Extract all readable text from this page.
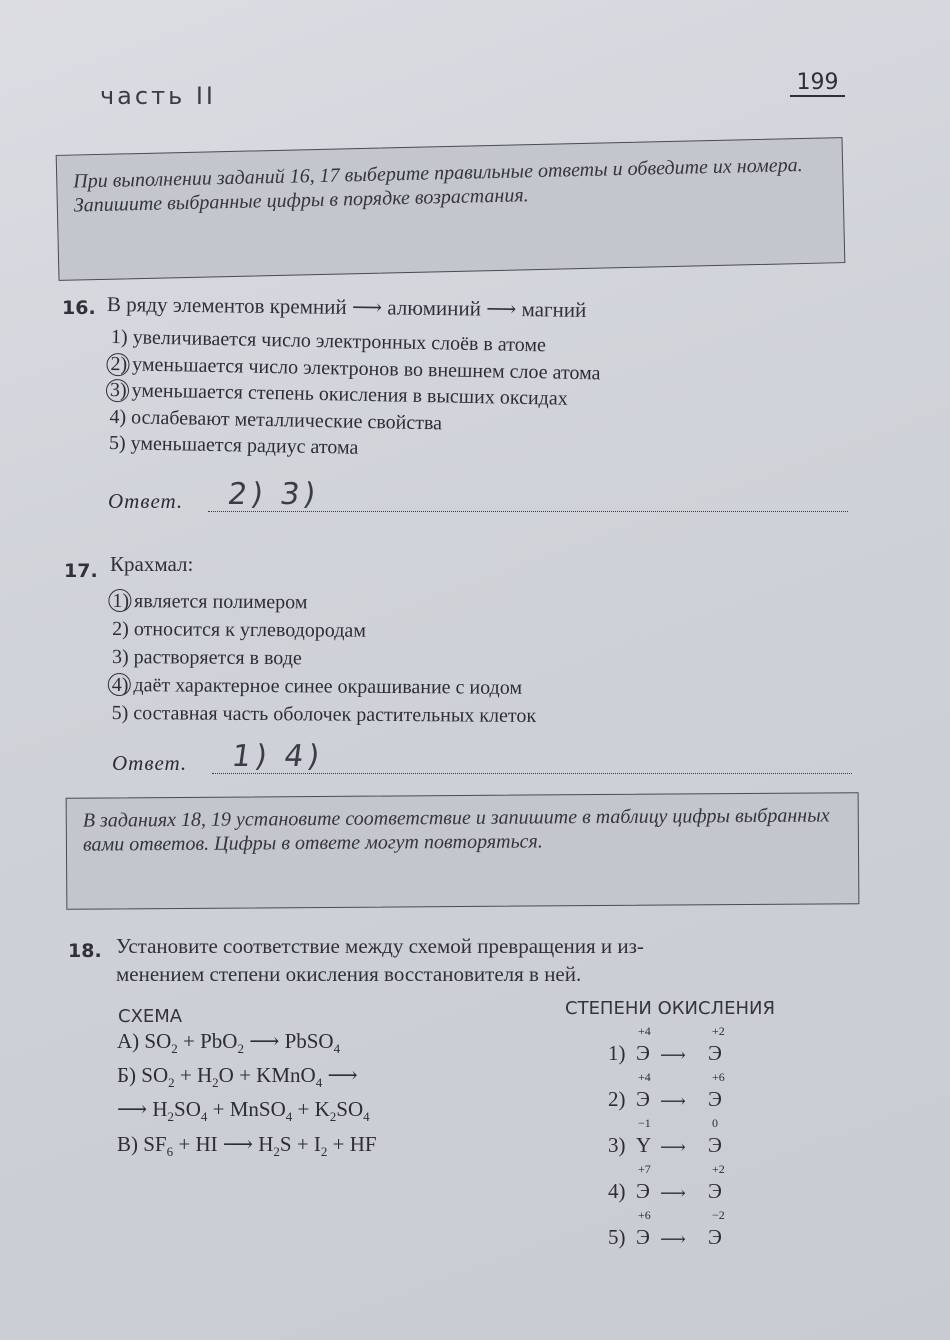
часть II	199
При выполнении заданий 16, 17 выберите правильные ответы и обведите их номера. Запишите выбранные цифры в порядке возрастания.
16. В ряду элементов кремний ⟶ алюминий ⟶ магний
1) увеличивается число электронных слоёв в атоме
2) уменьшается число электронов во внешнем слое атома
3) уменьшается степень окисления в высших оксидах
4) ослабевают металлические свойства
5) уменьшается радиус атома
Ответ. 2) 3)
17. Крахмал:
1) является полимером
2) относится к углеводородам
3) растворяется в воде
4) даёт характерное синее окрашивание с иодом
5) составная часть оболочек растительных клеток
Ответ. 1) 4)
В заданиях 18, 19 установите соответствие и запишите в таблицу цифры выбранных вами ответов. Цифры в ответе могут повторяться.
18. Установите соответствие между схемой превращения и из-
менением степени окисления восстановителя в ней.
СХЕМА	СТЕПЕНИ ОКИСЛЕНИЯ
А) $SO_2 + PbO_2$ ⟶ PbSO$_4$
Б) $SO_2 + H_2O$ + KMnO$_4$ ⟶
⟶ $H_2SO_4$ + MnSO$_4$ + $K_2SO_4$
В) $SF_6$ + HI ⟶ $H_2S + I_2$ + HF
1)
+4
Э ⟶
+2
Э
2)
+4
Э ⟶
+6
Э
3)
−1
Y ⟶
0
Э
4)
+7
Э ⟶
+2
Э
5)
+6
Э ⟶
−2
Э
